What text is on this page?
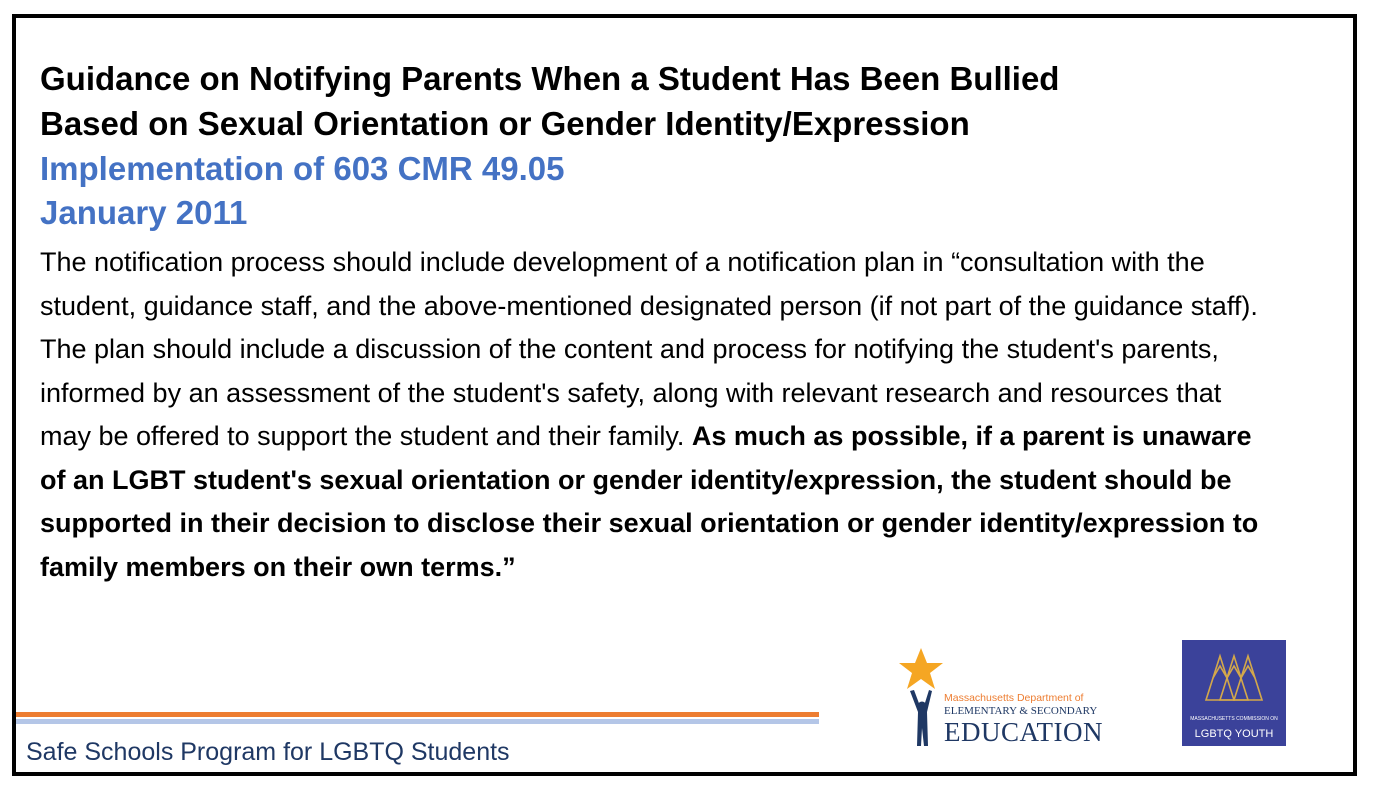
Guidance on Notifying Parents When a Student Has Been Bullied
Based on Sexual Orientation or Gender Identity/Expression
Implementation of 603 CMR 49.05
January 2011

The notification process should include development of a notification plan in “consultation with the student, guidance staff, and the above-mentioned designated person (if not part of the guidance staff). The plan should include a discussion of the content and process for notifying the student's parents, informed by an assessment of the student's safety, along with relevant research and resources that may be offered to support the student and their family. As much as possible, if a parent is unaware of an LGBT student's sexual orientation or gender identity/expression, the student should be supported in their decision to disclose their sexual orientation or gender identity/expression to family members on their own terms.”

Safe Schools Program for LGBTQ Students

Massachusetts Department of
ELEMENTARY & SECONDARY
EDUCATION	MASSACHUSETTS COMMISSION ON
LGBTQ YOUTH
